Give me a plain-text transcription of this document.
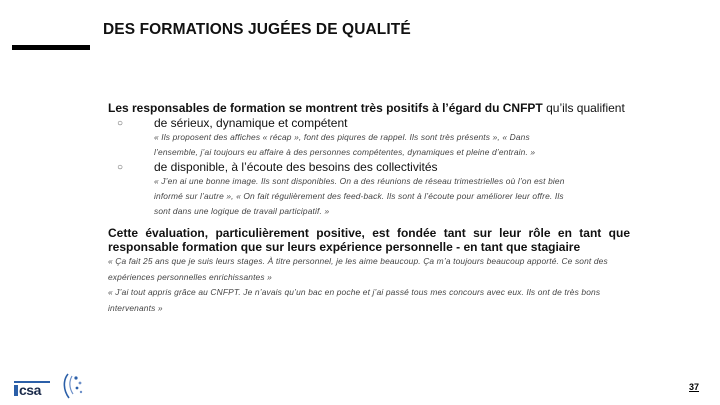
DES FORMATIONS JUGÉES DE QUALITÉ
Les responsables de formation se montrent très positifs à l’égard du CNFPT qu’ils qualifient
○	de sérieux, dynamique et compétent
« Ils proposent des affiches « récap », font des piqures de rappel. Ils sont très présents », « Dans
l’ensemble, j’ai toujours eu affaire à des personnes compétentes, dynamiques et pleine d’entrain. »
○	de disponible, à l’écoute des besoins des collectivités
« J’en ai une bonne image. Ils sont disponibles. On a des réunions de réseau trimestrielles où l’on est bien
informé sur l’autre », « On fait régulièrement des feed-back. Ils sont à l’écoute pour améliorer leur offre. Ils
sont dans une logique de travail participatif. »
Cette évaluation, particulièrement positive, est fondée tant sur leur rôle en tant que responsable formation que sur leurs expérience personnelle - en tant que stagiaire
« Ça fait 25 ans que je suis leurs stages. À titre personnel, je les aime beaucoup. Ça m’a toujours beaucoup apporté. Ce sont des expériences personnelles enrichissantes »
« J’ai tout appris grâce au CNFPT. Je n’avais qu’un bac en poche et j’ai passé tous mes concours avec eux. Ils ont de très bons intervenants »
csa	37
